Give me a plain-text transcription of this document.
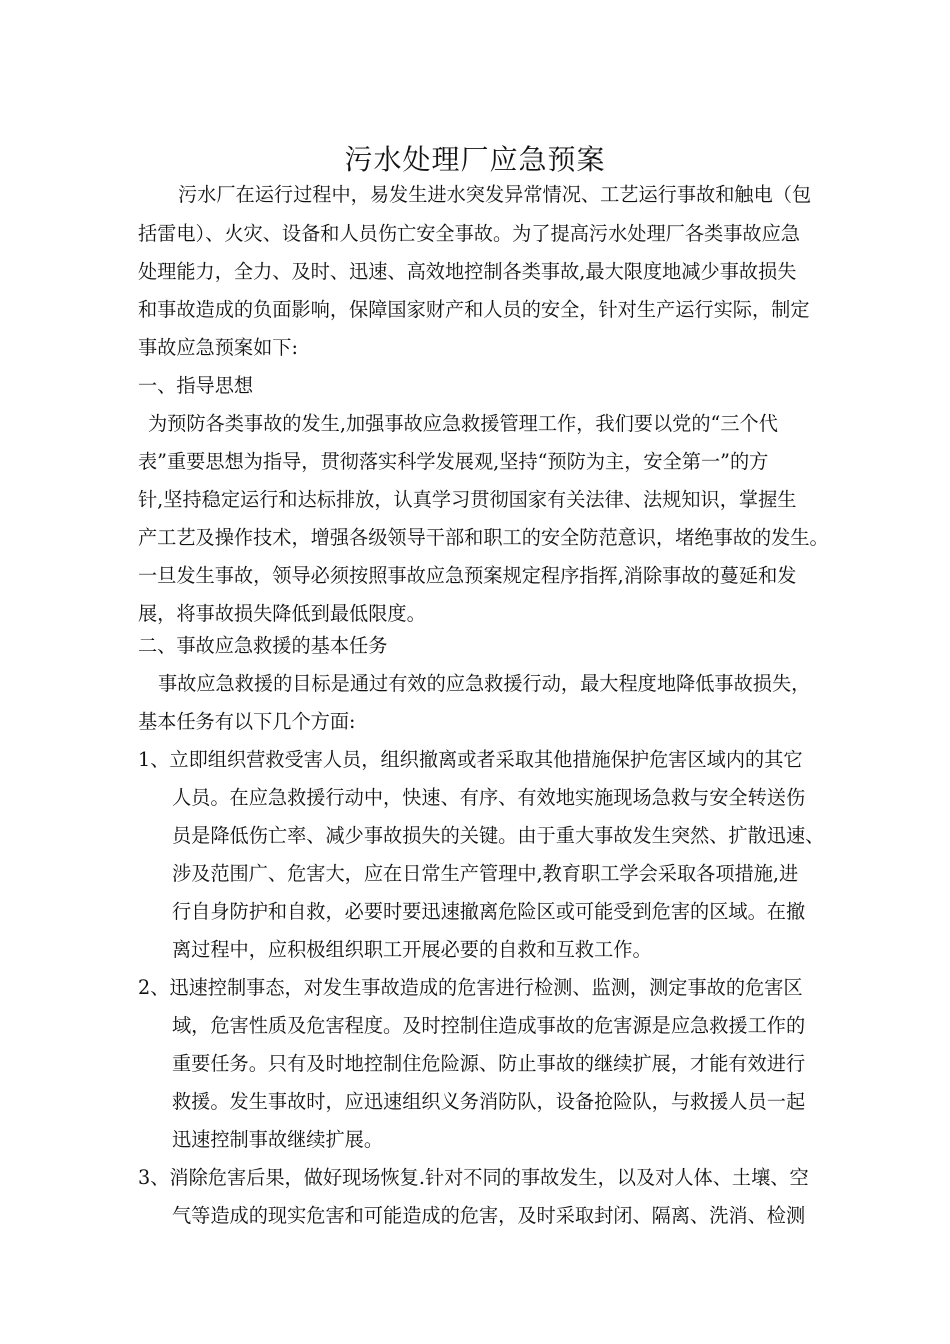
污水处理厂应急预案
污水厂在运行过程中，易发生进水突发异常情况、工艺运行事故和触电（包
括雷电）、火灾、设备和人员伤亡安全事故。为了提高污水处理厂各类事故应急
处理能力，全力、及时、迅速、高效地控制各类事故,最大限度地减少事故损失
和事故造成的负面影响，保障国家财产和人员的安全，针对生产运行实际，制定
事故应急预案如下:
一、指导思想
为预防各类事故的发生,加强事故应急救援管理工作，我们要以党的“三个代
表”重要思想为指导，贯彻落实科学发展观,坚持“预防为主，安全第一”的方
针,坚持稳定运行和达标排放，认真学习贯彻国家有关法律、法规知识，掌握生
产工艺及操作技术，增强各级领导干部和职工的安全防范意识，堵绝事故的发生。
一旦发生事故，领导必须按照事故应急预案规定程序指挥,消除事故的蔓延和发
展，将事故损失降低到最低限度。
二、事故应急救援的基本任务
事故应急救援的目标是通过有效的应急救援行动，最大程度地降低事故损失，
基本任务有以下几个方面:
1、立即组织营救受害人员，组织撤离或者采取其他措施保护危害区域内的其它
人员。在应急救援行动中，快速、有序、有效地实施现场急救与安全转送伤
员是降低伤亡率、减少事故损失的关键。由于重大事故发生突然、扩散迅速、
涉及范围广、危害大，应在日常生产管理中,教育职工学会采取各项措施,进
行自身防护和自救，必要时要迅速撤离危险区或可能受到危害的区域。在撤
离过程中，应积极组织职工开展必要的自救和互救工作。
2、迅速控制事态，对发生事故造成的危害进行检测、监测，测定事故的危害区
域，危害性质及危害程度。及时控制住造成事故的危害源是应急救援工作的
重要任务。只有及时地控制住危险源、防止事故的继续扩展，才能有效进行
救援。发生事故时，应迅速组织义务消防队，设备抢险队，与救援人员一起
迅速控制事故继续扩展。
3、消除危害后果，做好现场恢复.针对不同的事故发生，以及对人体、土壤、空
气等造成的现实危害和可能造成的危害，及时采取封闭、隔离、洗消、检测
